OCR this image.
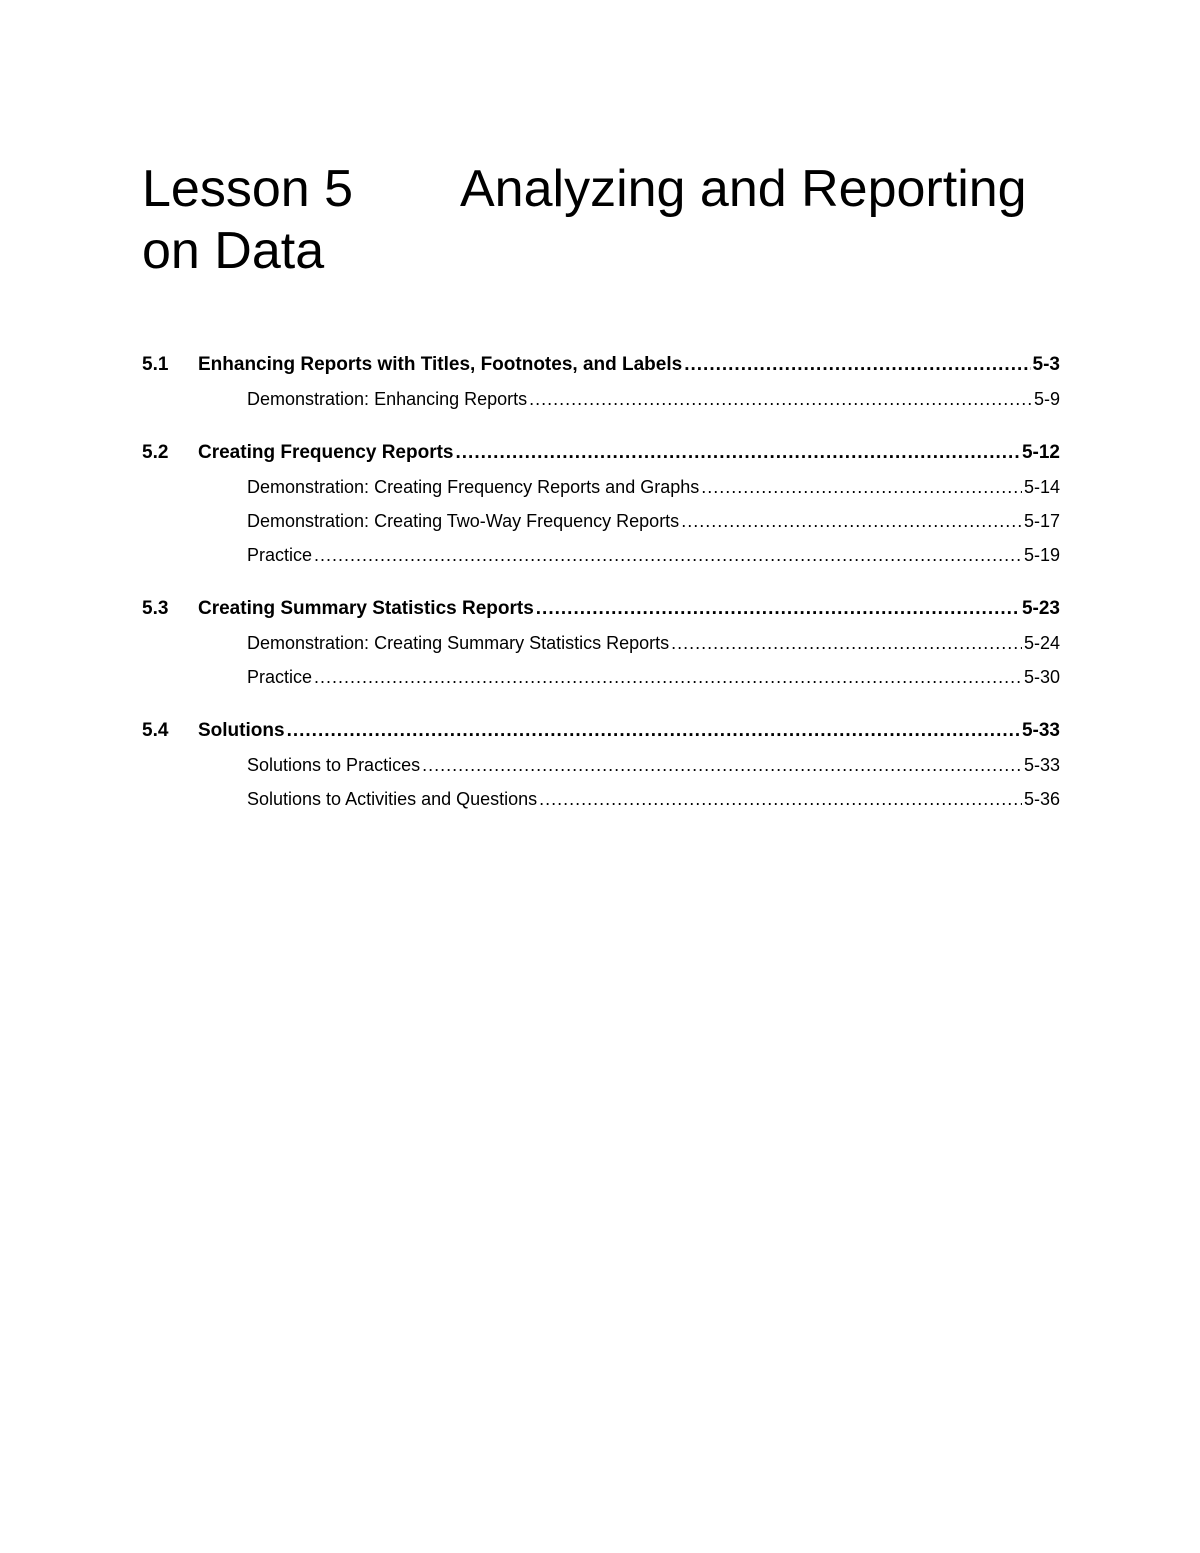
Lesson 5 Analyzing and Reporting
on Data
5.1	Enhancing Reports with Titles, Footnotes, and Labels .....	5-3
Demonstration: Enhancing Reports .....	5-9
5.2	Creating Frequency Reports .....	5-12
Demonstration: Creating Frequency Reports and Graphs .....	5-14
Demonstration: Creating Two-Way Frequency Reports .....	5-17
Practice .....	5-19
5.3	Creating Summary Statistics Reports .....	5-23
Demonstration: Creating Summary Statistics Reports .....	5-24
Practice .....	5-30
5.4	Solutions .....	5-33
Solutions to Practices .....	5-33
Solutions to Activities and Questions .....	5-36
